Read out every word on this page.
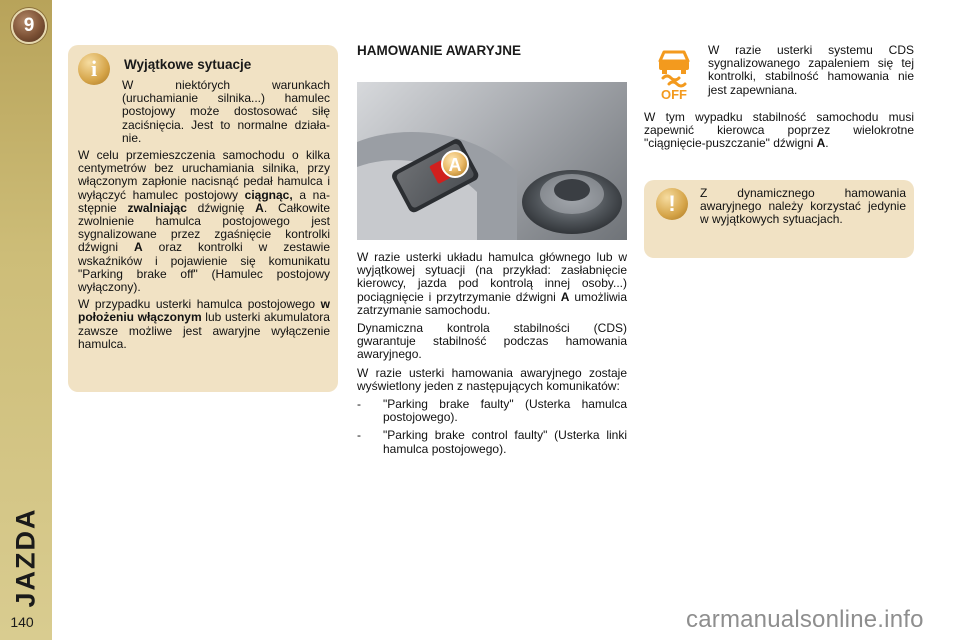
9
JAZDA
140
i	Wyjątkowe sytuacje

W niektórych warunkach (uruchamianie silnika...) hamulec postojowy może dostosować siłę zaciśnięcia. Jest to normalne działanie.

W celu przemieszczenia samochodu o kilka centymetrów bez uruchamiania silnika, przy włączonym zapłonie nacisnąć pedał hamulca i wyłączyć hamulec postojowy ciągnąc, a następnie zwalniając dźwignię A. Całkowite zwolnienie hamulca postojowego jest sygnalizowane przez zgaśnięcie kontrolki dźwigni A oraz kontrolki w zestawie wskaźników i pojawienie się komunikatu "Parking brake off" (Hamulec postojowy wyłączony).

W przypadku usterki hamulca postojowego w położeniu włączonym lub usterki akumulatora zawsze możliwe jest awaryjne wyłączenie hamulca.

HAMOWANIE AWARYJNE
A

W razie usterki układu hamulca głównego lub w wyjątkowej sytuacji (na przykład: zasłabnięcie kierowcy, jazda pod kontrolą innej osoby...) pociągnięcie i przytrzymanie dźwigni A umożliwia zatrzymanie samochodu.

Dynamiczna kontrola stabilności (CDS) gwarantuje stabilność podczas hamowania awaryjnego.

W razie usterki hamowania awaryjnego zostaje wyświetlony jeden z następujących komunikatów:

-	"Parking brake faulty" (Usterka hamulca postojowego).
-	"Parking brake control faulty" (Usterka linki hamulca postojowego).
OFF
W razie usterki systemu CDS sygnalizowanego zapaleniem się tej kontrolki, stabilność hamowania nie jest zapewniana.
W tym wypadku stabilność samochodu musi zapewnić kierowca poprzez wielokrotne "ciągnięcie-puszczanie" dźwigni A.
!	Z dynamicznego hamowania awaryjnego należy korzystać jedynie w wyjątkowych sytuacjach.
carmanualsonline.info
